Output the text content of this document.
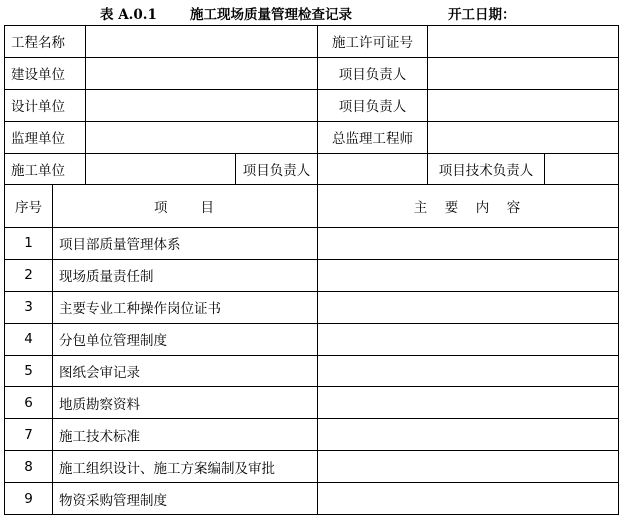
表 A.0.1 施工现场质量管理检查记录	开工日期：
工程名称				施工许可证号		
建设单位				项目负责人		
设计单位				项目负责人		
监理单位				总监理工程师		
施工单位			项目负责人		项目技术负责人	
序号	项　　目			主　要　内　容		
1	项目部质量管理体系					
2	现场质量责任制					
3	主要专业工种操作岗位证书					
4	分包单位管理制度					
5	图纸会审记录					
6	地质勘察资料					
7	施工技术标准					
8	施工组织设计、施工方案编制及审批					
9	物资采购管理制度					
